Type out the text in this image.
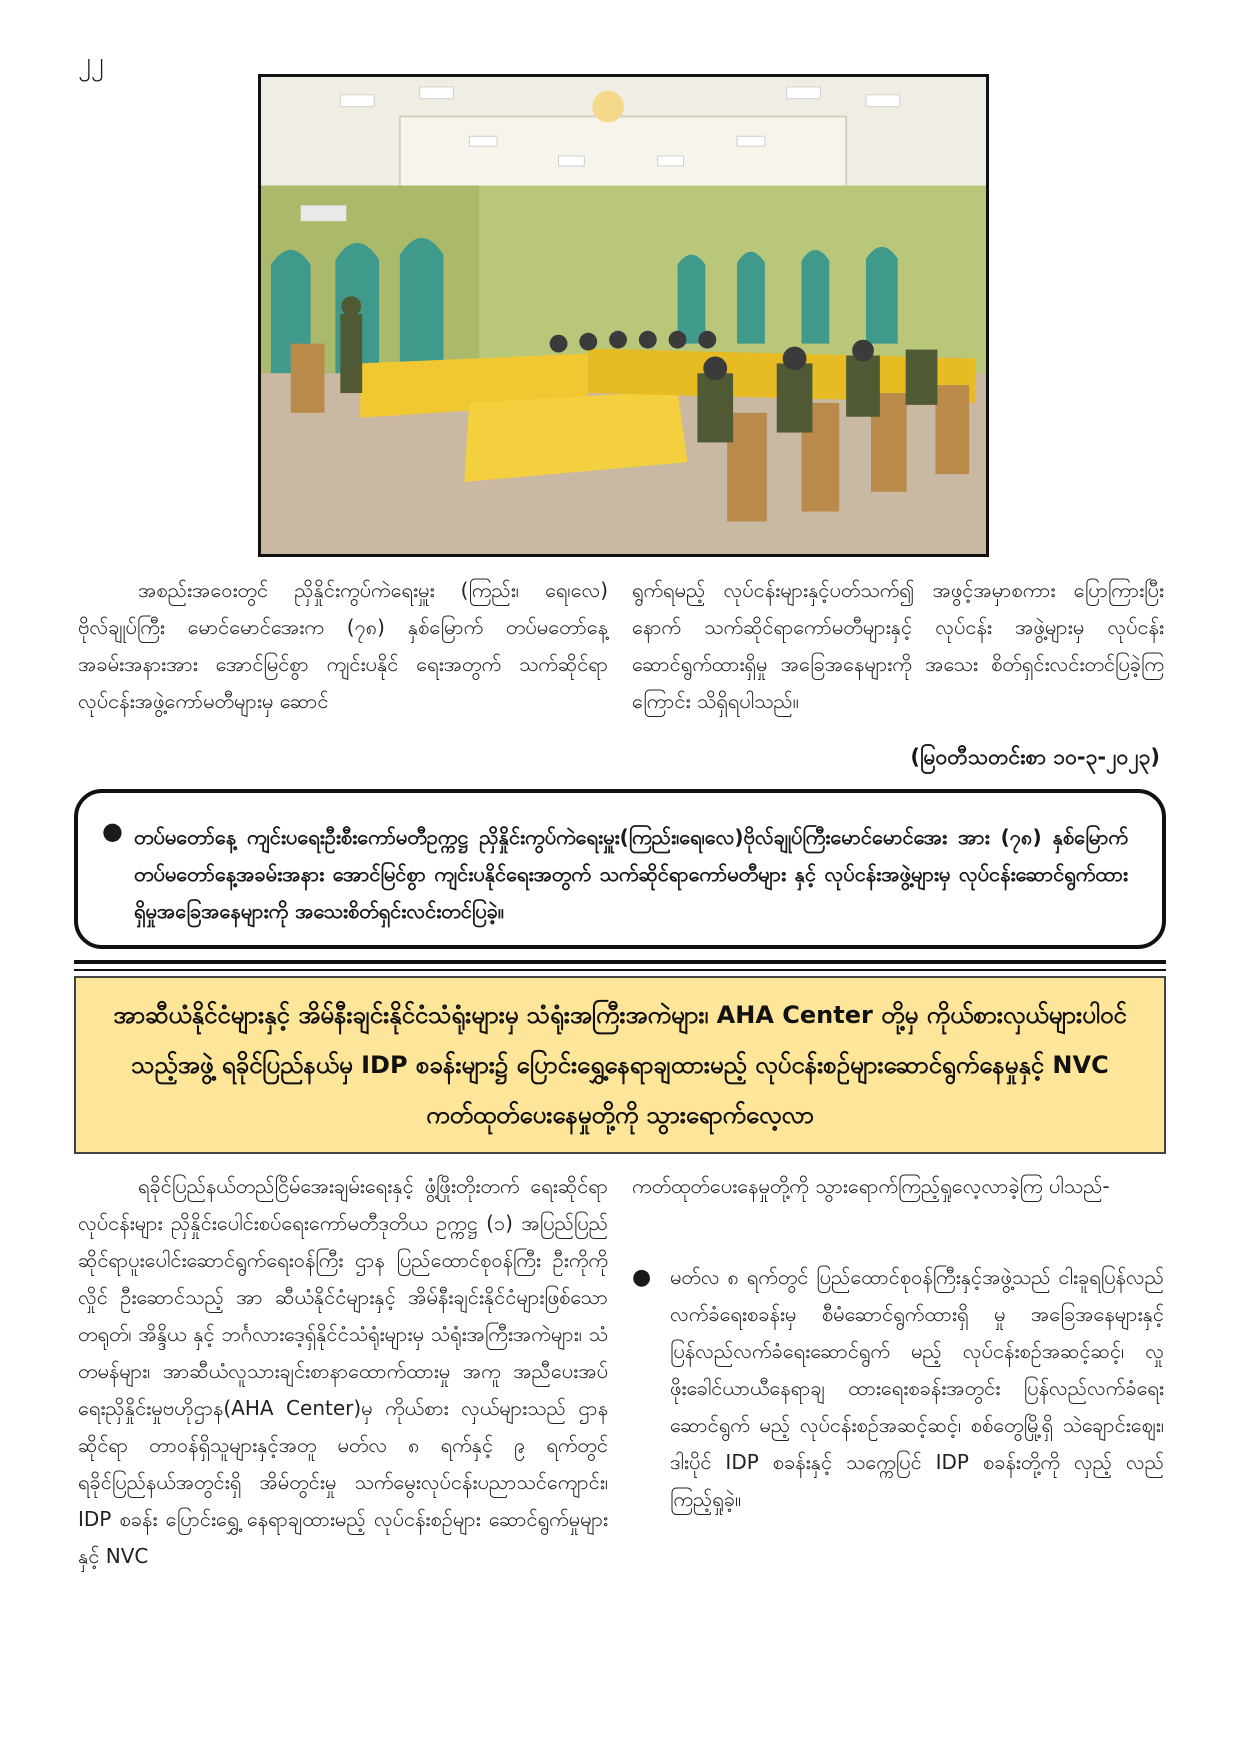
၂၂

အစည်းအဝေးတွင် ညှိနှိုင်းကွပ်ကဲရေးမှူး (ကြည်း၊ ရေ၊လေ) ဗိုလ်ချုပ်ကြီး မောင်မောင်အေးက (၇၈) နှစ်မြောက် တပ်မတော်နေ့အခမ်းအနားအား အောင်မြင်စွာ ကျင်းပနိုင် ရေးအတွက် သက်ဆိုင်ရာလုပ်ငန်းအဖွဲ့ကော်မတီများမှ ဆောင်

ရွက်ရမည့် လုပ်ငန်းများနှင့်ပတ်သက်၍ အဖွင့်အမှာစကား ပြောကြားပြီးနောက် သက်ဆိုင်ရာကော်မတီများနှင့် လုပ်ငန်း အဖွဲ့များမှ လုပ်ငန်းဆောင်ရွက်ထားရှိမှု အခြေအနေများကို အသေး စိတ်ရှင်းလင်းတင်ပြခဲ့ကြကြောင်း သိရှိရပါသည်။

(မြဝတီသတင်းစာ ၁၀-၃-၂၀၂၃)
● တပ်မတော်နေ့ ကျင်းပရေးဦးစီးကော်မတီဥက္ကဋ္ဌ ညှိနှိုင်းကွပ်ကဲရေးမှူး(ကြည်း၊ရေ၊လေ)ဗိုလ်ချုပ်ကြီးမောင်မောင်အေး အား (၇၈) နှစ်မြောက် တပ်မတော်နေ့အခမ်းအနား အောင်မြင်စွာ ကျင်းပနိုင်ရေးအတွက် သက်ဆိုင်ရာကော်မတီများ နှင့် လုပ်ငန်းအဖွဲ့များမှ လုပ်ငန်းဆောင်ရွက်ထားရှိမှုအခြေအနေများကို အသေးစိတ်ရှင်းလင်းတင်ပြခဲ့။

အာဆီယံနိုင်ငံများနှင့် အိမ်နီးချင်းနိုင်ငံသံရုံးများမှ သံရုံးအကြီးအကဲများ၊ AHA Center တို့မှ ကိုယ်စားလှယ်များပါဝင်သည့်အဖွဲ့ ရခိုင်ပြည်နယ်မှ IDP စခန်းများ၌ ပြောင်းရွှေ့နေရာချထားမည့် လုပ်ငန်းစဉ်များဆောင်ရွက်နေမှုနှင့် NVC ကတ်ထုတ်ပေးနေမှုတို့ကို သွားရောက်လေ့လာ

ရခိုင်ပြည်နယ်တည်ငြိမ်အေးချမ်းရေးနှင့် ဖွံ့ဖြိုးတိုးတက် ရေးဆိုင်ရာလုပ်ငန်းများ ညှိနှိုင်းပေါင်းစပ်ရေးကော်မတီဒုတိယ ဥက္ကဋ္ဌ (၁) အပြည်ပြည်ဆိုင်ရာပူးပေါင်းဆောင်ရွက်ရေးဝန်ကြီး ဌာန ပြည်ထောင်စုဝန်ကြီး ဦးကိုကိုလှိုင် ဦးဆောင်သည့် အာ ဆီယံနိုင်ငံများနှင့် အိမ်နီးချင်းနိုင်ငံများဖြစ်သော တရုတ်၊ အိန္ဒိယ နှင့် ဘင်္ဂလားဒေ့ရှ်နိုင်ငံသံရုံးများမှ သံရုံးအကြီးအကဲများ၊ သံ တမန်များ၊ အာဆီယံလူသားချင်းစာနာထောက်ထားမှု အကူ အညီပေးအပ်ရေးညှိနှိုင်းမှုဗဟိုဌာန(AHA Center)မှ ကိုယ်စား လှယ်များသည် ဌာနဆိုင်ရာ တာဝန်ရှိသူများနှင့်အတူ မတ်လ ၈ ရက်နှင့် ၉ ရက်တွင် ရခိုင်ပြည်နယ်အတွင်းရှိ အိမ်တွင်းမှု သက်မွေးလုပ်ငန်းပညာသင်ကျောင်း၊ IDP စခန်း ပြောင်းရွှေ့ နေရာချထားမည့် လုပ်ငန်းစဉ်များ ဆောင်ရွက်မှုများနှင့် NVC

ကတ်ထုတ်ပေးနေမှုတို့ကို သွားရောက်ကြည့်ရှုလေ့လာခဲ့ကြ ပါသည်-

● မတ်လ ၈ ရက်တွင် ပြည်ထောင်စုဝန်ကြီးနှင့်အဖွဲ့သည် ငါးခူရပြန်လည်လက်ခံရေးစခန်းမှ စီမံဆောင်ရွက်ထားရှိ မှု အခြေအနေများနှင့် ပြန်လည်လက်ခံရေးဆောင်ရွက် မည့် လုပ်ငန်းစဉ်အဆင့်ဆင့်၊ လှုဖိုးခေါင်ယာယီနေရာချ ထားရေးစခန်းအတွင်း ပြန်လည်လက်ခံရေးဆောင်ရွက် မည့် လုပ်ငန်းစဉ်အဆင့်ဆင့်၊ စစ်တွေမြို့ရှိ သဲချောင်းဈေး၊ ဒါးပိုင် IDP စခန်းနှင့် သက္ကေပြင် IDP စခန်းတို့ကို လှည့် လည်ကြည့်ရှုခဲ့။
